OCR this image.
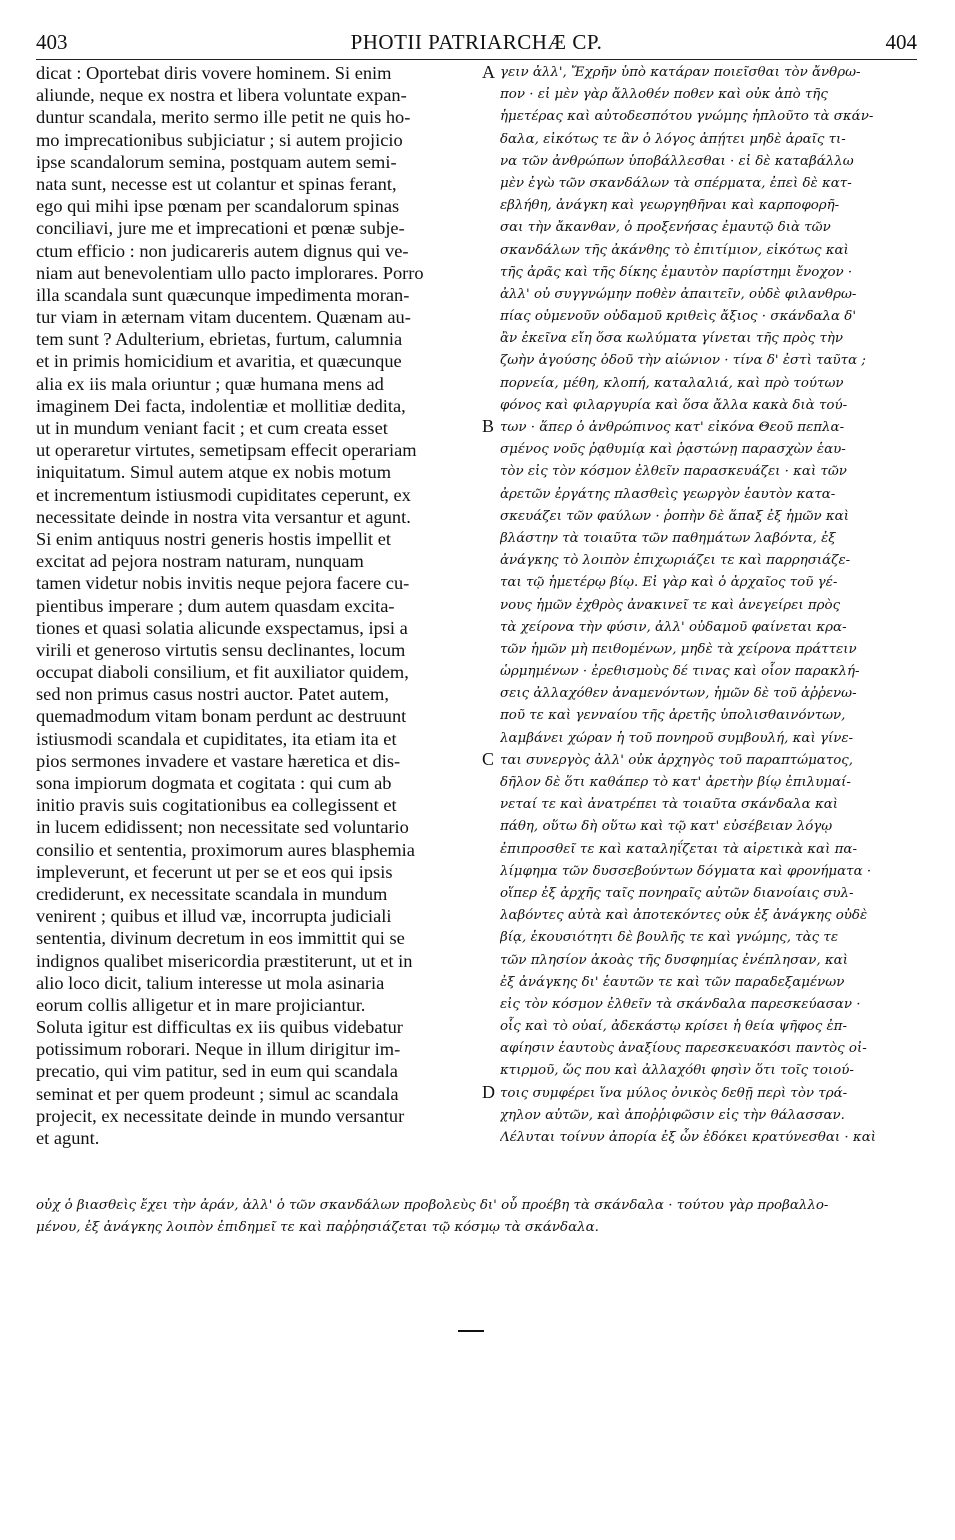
403	PHOTII PATRIARCHÆ CP.	404
dicat : Oportebat diris vovere hominem. Si enim
aliunde, neque ex nostra et libera voluntate expan-
duntur scandala, merito sermo ille petit ne quis ho-
mo imprecationibus subjiciatur ; si autem projicio
ipse scandalorum semina, postquam autem semi-
nata sunt, necesse est ut colantur et spinas ferant,
ego qui mihi ipse pœnam per scandalorum spinas
conciliavi, jure me et imprecationi et pœnæ subje-
ctum efficio : non judicareris autem dignus qui ve-
niam aut benevolentiam ullo pacto implorares. Porro
illa scandala sunt quæcunque impedimenta moran-
tur viam in æternam vitam ducentem. Quænam au-
tem sunt ? Adulterium, ebrietas, furtum, calumnia
et in primis homicidium et avaritia, et quæcunque
alia ex iis mala oriuntur ; quæ humana mens ad
imaginem Dei facta, indolentiæ et mollitiæ dedita,
ut in mundum veniant facit ; et cum creata esset
ut operaretur virtutes, semetipsam effecit operariam
iniquitatum. Simul autem atque ex nobis motum
et incrementum istiusmodi cupiditates ceperunt, ex
necessitate deinde in nostra vita versantur et agunt.
Si enim antiquus nostri generis hostis impellit et
excitat ad pejora nostram naturam, nunquam
tamen videtur nobis invitis neque pejora facere cu-
pientibus imperare ; dum autem quasdam excita-
tiones et quasi solatia alicunde exspectamus, ipsi a
virili et generoso virtutis sensu declinantes, locum
occupat diaboli consilium, et fit auxiliator quidem,
sed non primus casus nostri auctor. Patet autem,
quemadmodum vitam bonam perdunt ac destruunt
istiusmodi scandala et cupiditates, ita etiam ita et
pios sermones invadere et vastare hæretica et dis-
sona impiorum dogmata et cogitata : qui cum ab
initio pravis suis cogitationibus ea collegissent et
in lucem edidissent; non necessitate sed voluntario
consilio et sententia, proximorum aures blasphemia
impleverunt, et fecerunt ut per se et eos qui ipsis
crediderunt, ex necessitate scandala in mundum
venirent ; quibus et illud væ, incorrupta judiciali
sententia, divinum decretum in eos immittit qui se
indignos qualibet misericordia præstiterunt, ut et in
alio loco dicit, talium interesse ut mola asinaria
eorum collis alligetur et in mare projiciantur.
Soluta igitur est difficultas ex iis quibus videbatur
potissimum roborari. Neque in illum dirigitur im-
precatio, qui vim patitur, sed in eum qui scandala
seminat et per quem prodeunt ; simul ac scandala
projecit, ex necessitate deinde in mundo versantur
et agunt.
A
B
C
D
γειν ἀλλ', Ἔχρῆν ὑπὸ κατάραν ποιεῖσθαι τὸν ἄνθρω-
πον · εἰ μὲν γὰρ ἄλλοθέν ποθεν καὶ οὐκ ἀπὸ τῆς
ἡμετέρας καὶ αὐτοδεσπότου γνώμης ἡπλοῦτο τὰ σκάν-
δαλα, εἰκότως τε ἂν ὁ λόγος ἀπῄτει μηδὲ ἀραῖς τι-
να τῶν ἀνθρώπων ὑποβάλλεσθαι · εἰ δὲ καταβάλλω
μὲν ἐγὼ τῶν σκανδάλων τὰ σπέρματα, ἐπεὶ δὲ κατ-
εβλήθη, ἀνάγκη καὶ γεωργηθῆναι καὶ καρποφορῆ-
σαι τὴν ἄκανθαν, ὁ προξενήσας ἐμαυτῷ διὰ τῶν
σκανδάλων τῆς ἀκάνθης τὸ ἐπιτίμιον, εἰκότως καὶ
τῆς ἀρᾶς καὶ τῆς δίκης ἐμαυτὸν παρίστημι ἔνοχον ·
ἀλλ' οὐ συγγνώμην ποθὲν ἀπαιτεῖν, οὐδὲ φιλανθρω-
πίας οὑμενοῦν οὐδαμοῦ κριθεὶς ἄξιος · σκάνδαλα δ'
ἂν ἐκεῖνα εἴη ὅσα κωλύματα γίνεται τῆς πρὸς τὴν
ζωὴν ἀγούσης ὁδοῦ τὴν αἰώνιον · τίνα δ' ἐστὶ ταῦτα ;
πορνεία, μέθη, κλοπή, καταλαλιά, καὶ πρὸ τούτων
φόνος καὶ φιλαργυρία καὶ ὅσα ἄλλα κακὰ διὰ τού-
των · ἅπερ ὁ ἀνθρώπινος κατ' εἰκόνα Θεοῦ πεπλα-
σμένος νοῦς ῥᾳθυμίᾳ καὶ ῥᾳστώνῃ παρασχὼν ἑαυ-
τὸν εἰς τὸν κόσμον ἐλθεῖν παρασκευάζει · καὶ τῶν
ἀρετῶν ἐργάτης πλασθεὶς γεωργὸν ἑαυτὸν κατα-
σκευάζει τῶν φαύλων · ῥοπὴν δὲ ἅπαξ ἐξ ἡμῶν καὶ
βλάστην τὰ τοιαῦτα τῶν παθημάτων λαβόντα, ἐξ
ἀνάγκης τὸ λοιπὸν ἐπιχωριάζει τε καὶ παρρησιάζε-
ται τῷ ἡμετέρῳ βίῳ. Εἰ γὰρ καὶ ὁ ἀρχαῖος τοῦ γέ-
νους ἡμῶν ἐχθρὸς ἀνακινεῖ τε καὶ ἀνεγείρει πρὸς
τὰ χείρονα τὴν φύσιν, ἀλλ' οὐδαμοῦ φαίνεται κρα-
τῶν ἡμῶν μὴ πειθομένων, μηδὲ τὰ χείρονα πράττειν
ὡρμημένων · ἐρεθισμοὺς δέ τινας καὶ οἷον παρακλή-
σεις ἀλλαχόθεν ἀναμενόντων, ἡμῶν δὲ τοῦ ἀῤῥενω-
ποῦ τε καὶ γενναίου τῆς ἀρετῆς ὑπολισθαινόντων,
λαμβάνει χώραν ἡ τοῦ πονηροῦ συμβουλή, καὶ γίνε-
ται συνεργὸς ἀλλ' οὐκ ἀρχηγὸς τοῦ παραπτώματος,
δῆλον δὲ ὅτι καθάπερ τὸ κατ' ἀρετὴν βίῳ ἐπιλυμαί-
νεταί τε καὶ ἀνατρέπει τὰ τοιαῦτα σκάνδαλα καὶ
πάθη, οὕτω δὴ οὕτω καὶ τῷ κατ' εὐσέβειαν λόγῳ
ἐπιπροσθεῖ τε καὶ καταληΐζεται τὰ αἱρετικὰ καὶ πα-
λίμφημα τῶν δυσσεβούντων δόγματα καὶ φρονήματα ·
οἵπερ ἐξ ἀρχῆς ταῖς πονηραῖς αὐτῶν διανοίαις συλ-
λαβόντες αὐτὰ καὶ ἀποτεκόντες οὐκ ἐξ ἀνάγκης οὐδὲ
βίᾳ, ἑκουσιότητι δὲ βουλῆς τε καὶ γνώμης, τὰς τε
τῶν πλησίον ἀκοὰς τῆς δυσφημίας ἐνέπλησαν, καὶ
ἐξ ἀνάγκης δι' ἑαυτῶν τε καὶ τῶν παραδεξαμένων
εἰς τὸν κόσμον ἐλθεῖν τὰ σκάνδαλα παρεσκεύασαν ·
οἷς καὶ τὸ οὐαί, ἀδεκάστῳ κρίσει ἡ θεία ψῆφος ἐπ-
αφίησιν ἑαυτοὺς ἀναξίους παρεσκευακόσι παντὸς οἰ-
κτιρμοῦ, ὥς που καὶ ἀλλαχόθι φησὶν ὅτι τοῖς τοιού-
τοις συμφέρει ἵνα μύλος ὀνικὸς δεθῇ περὶ τὸν τρά-
χηλον αὐτῶν, καὶ ἀποῤῥιφῶσιν εἰς τὴν θάλασσαν.
Λέλυται τοίνυν ἀπορία ἐξ ὧν ἐδόκει κρατύνεσθαι · καὶ
οὐχ ὁ βιασθεὶς ἔχει τὴν ἀράν, ἀλλ' ὁ τῶν σκανδάλων προβολεὺς δι' οὗ προέβη τὰ σκάνδαλα · τούτου γὰρ προβαλλο-
μένου, ἐξ ἀνάγκης λοιπὸν ἐπιδημεῖ τε καὶ παῤῥησιάζεται τῷ κόσμῳ τὰ σκάνδαλα.
